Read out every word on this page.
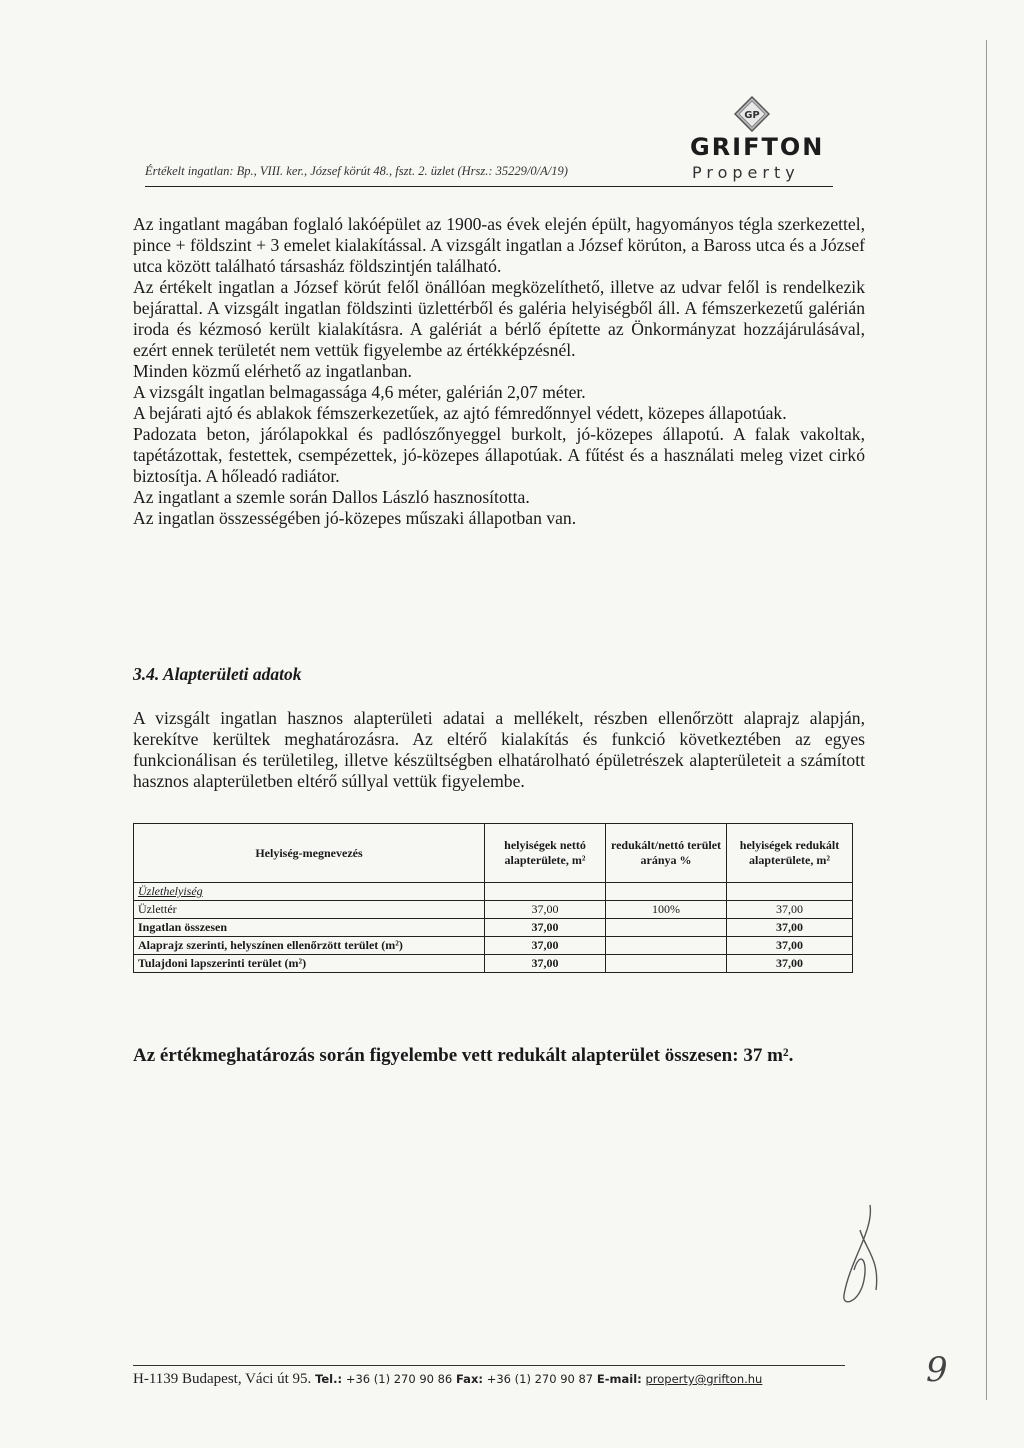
GP
GRIFTON
Property
Értékelt ingatlan: Bp., VIII. ker., József körút 48., fszt. 2. üzlet (Hrsz.: 35229/0/A/19)

Az ingatlant magában foglaló lakóépület az 1900-as évek elején épült, hagyományos tégla szerkezettel, pince + földszint + 3 emelet kialakítással. A vizsgált ingatlan a József körúton, a Baross utca és a József utca között található társasház földszintjén található.

Az értékelt ingatlan a József körút felől önállóan megközelíthető, illetve az udvar felől is rendelkezik bejárattal. A vizsgált ingatlan földszinti üzlettérből és galéria helyiségből áll. A fémszerkezetű galérián iroda és kézmosó került kialakításra. A galériát a bérlő építette az Önkormányzat hozzájárulásával, ezért ennek területét nem vettük figyelembe az értékképzésnél.

Minden közmű elérhető az ingatlanban.

A vizsgált ingatlan belmagassága 4,6 méter, galérián 2,07 méter.

A bejárati ajtó és ablakok fémszerkezetűek, az ajtó fémredőnnyel védett, közepes állapotúak.

Padozata beton, járólapokkal és padlószőnyeggel burkolt, jó-közepes állapotú. A falak vakoltak, tapétázottak, festettek, csempézettek, jó-közepes állapotúak. A fűtést és a használati meleg vizet cirkó biztosítja. A hőleadó radiátor.

Az ingatlant a szemle során Dallos László hasznosította.

Az ingatlan összességében jó-közepes műszaki állapotban van.

3.4. Alapterületi adatok

A vizsgált ingatlan hasznos alapterületi adatai a mellékelt, részben ellenőrzött alaprajz alapján, kerekítve kerültek meghatározásra. Az eltérő kialakítás és funkció következtében az egyes funkcionálisan és területileg, illetve készültségben elhatárolható épületrészek alapterületeit a számított hasznos alapterületben eltérő súllyal vettük figyelembe.

Helyiség-megnevezés	helyiségek nettó alapterülete, m²	redukált/nettó terület aránya %	helyiségek redukált alapterülete, m²
Üzlethelyiség			
Üzlettér	37,00	100%	37,00
Ingatlan összesen	37,00		37,00
Alaprajz szerinti, helyszínen ellenőrzött terület (m²)	37,00		37,00
Tulajdoni lapszerinti terület (m²)	37,00		37,00
Az értékmeghatározás során figyelembe vett redukált alapterület összesen: 37 m².
9
H-1139 Budapest, Váci út 95. Tel.: +36 (1) 270 90 86 Fax: +36 (1) 270 90 87 E-mail: property@grifton.hu
